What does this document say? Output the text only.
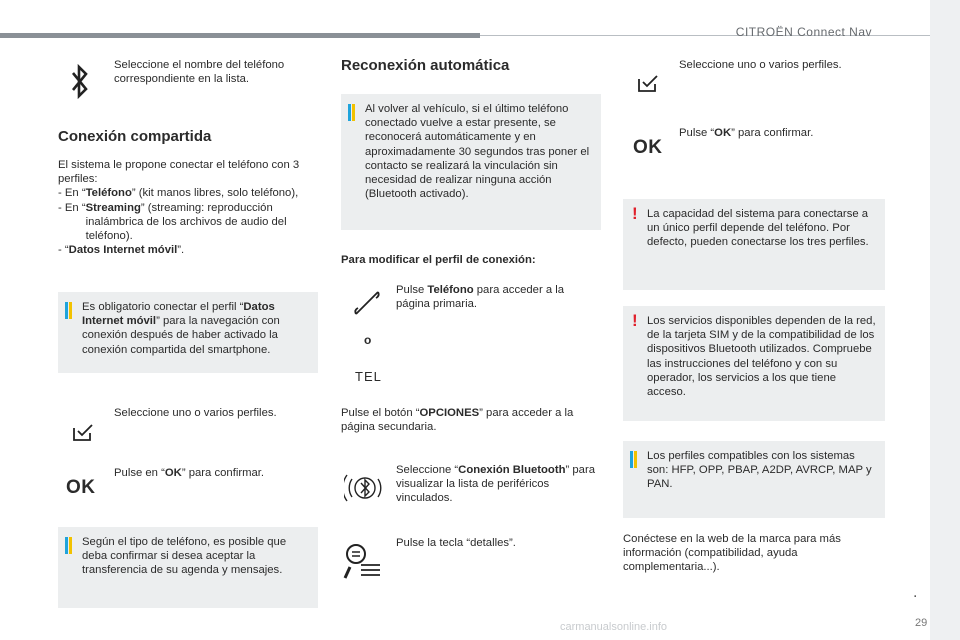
CITROËN Connect Nav
Seleccione el nombre del teléfono correspondiente en la lista.
Conexión compartida
El sistema le propone conectar el teléfono con 3 perfiles:
- En “ Teléfono” (kit manos libres, solo teléfono),
- En “ Streaming” (streaming: reproducción inalámbrica de los archivos de audio del teléfono).
- “ Datos Internet móvil”.
Es obligatorio conectar el perfil “Datos Internet móvil” para la navegación con conexión después de haber activado la conexión compartida del smartphone.
Seleccione uno o varios perfiles.
OK
Pulse en “OK” para confirmar.
Según el tipo de teléfono, es posible que deba confirmar si desea aceptar la transferencia de su agenda y mensajes.
Reconexión automática
Al volver al vehículo, si el último teléfono conectado vuelve a estar presente, se reconocerá automáticamente y en aproximadamente 30 segundos tras poner el contacto se realizará la vinculación sin necesidad de realizar ninguna acción (Bluetooth activado).
Para modificar el perfil de conexión:
Pulse Teléfono para acceder a la página primaria.
o
TEL
Pulse el botón “OPCIONES” para acceder a la página secundaria.
Seleccione “Conexión Bluetooth” para visualizar la lista de periféricos vinculados.
Pulse la tecla “detalles”.
Seleccione uno o varios perfiles.
OK
Pulse “OK” para confirmar.
! La capacidad del sistema para conectarse a un único perfil depende del teléfono. Por defecto, pueden conectarse los tres perfiles.
! Los servicios disponibles dependen de la red, de la tarjeta SIM y de la compatibilidad de los dispositivos Bluetooth utilizados. Compruebe las instrucciones del teléfono y con su operador, los servicios a los que tiene acceso.
Los perfiles compatibles con los sistemas son: HFP, OPP, PBAP, A2DP, AVRCP, MAP y PAN.
Conéctese en la web de la marca para más información (compatibilidad, ayuda complementaria...).
.
29
carmanualsonline.info
